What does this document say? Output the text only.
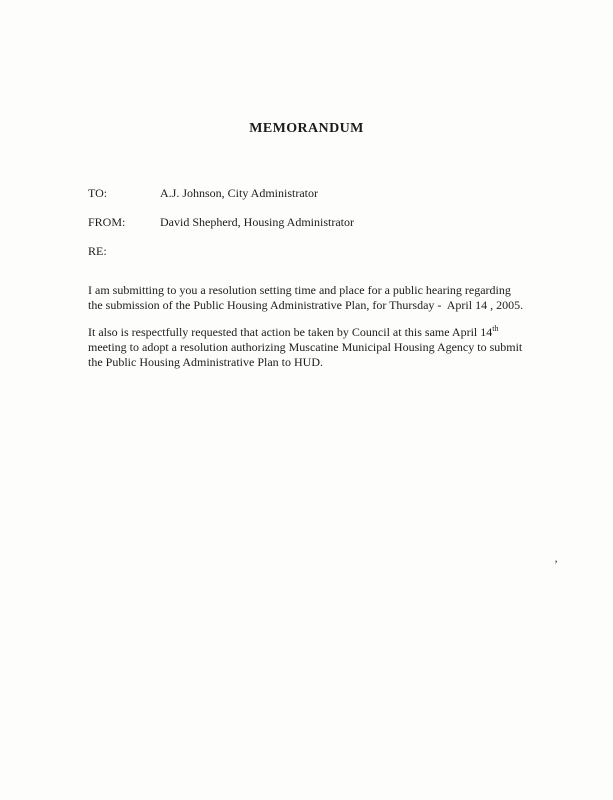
MEMORANDUM
TO:	A.J. Johnson, City Administrator
FROM:	David Shepherd, Housing Administrator
RE:

I am submitting to you a resolution setting time and place for a public hearing regarding the submission of the Public Housing Administrative Plan, for Thursday -  April 14 , 2005.

It also is respectfully requested that action be taken by Council at this same April 14th meeting to adopt a resolution authorizing Muscatine Municipal Housing Agency to submit the Public Housing Administrative Plan to HUD.

’
